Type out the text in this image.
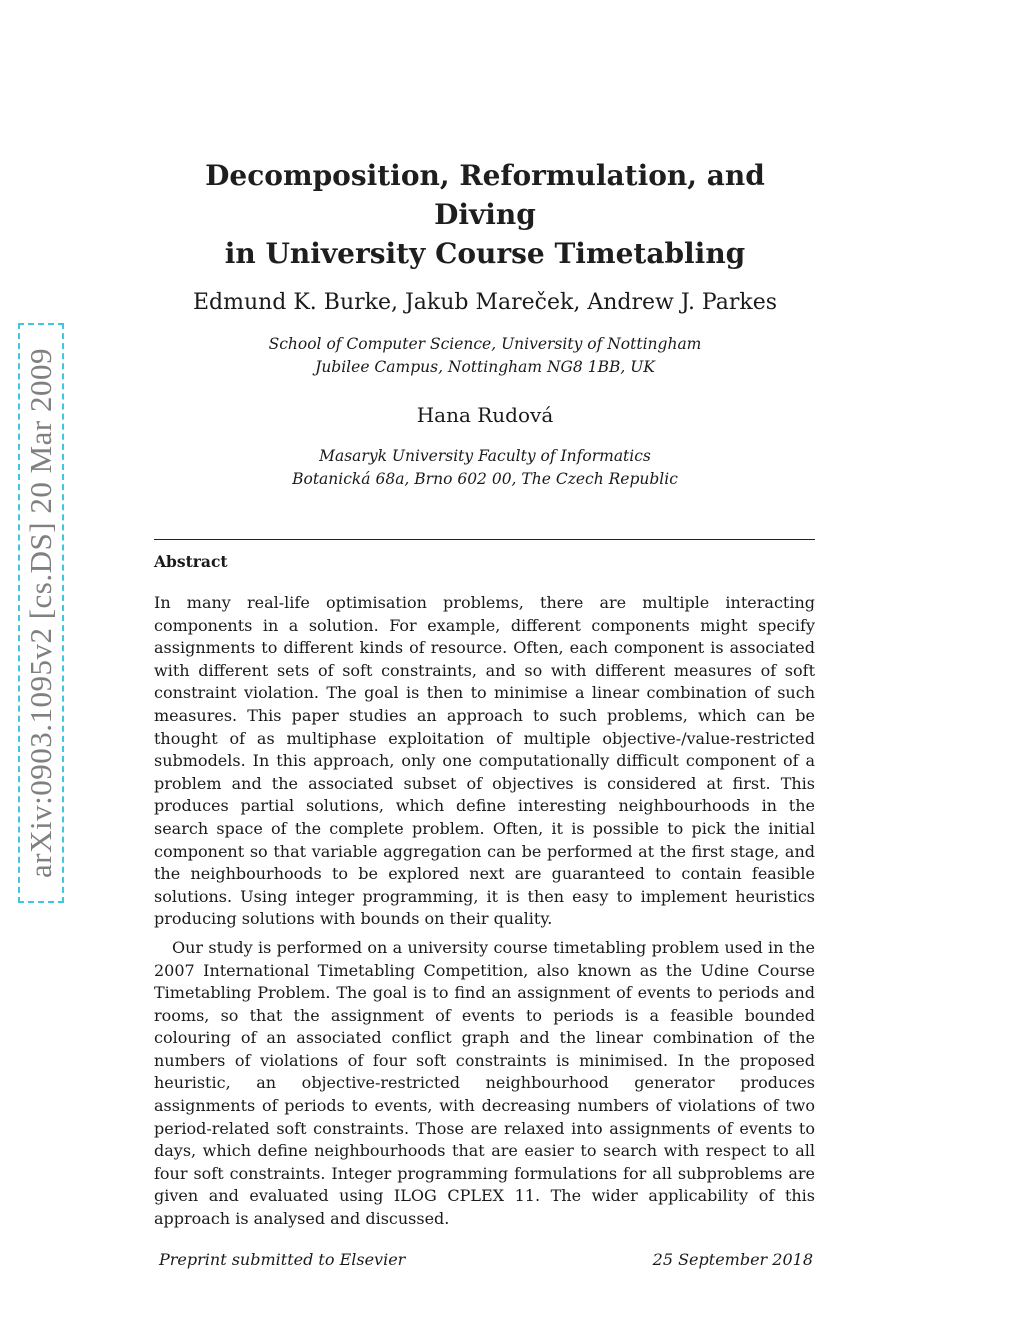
arXiv:0903.1095v2 [cs.DS] 20 Mar 2009
Decomposition, Reformulation, and Diving
in University Course Timetabling
Edmund K. Burke, Jakub Mareček, Andrew J. Parkes
School of Computer Science, University of Nottingham
Jubilee Campus, Nottingham NG8 1BB, UK
Hana Rudová
Masaryk University Faculty of Informatics
Botanická 68a, Brno 602 00, The Czech Republic
Abstract

In many real-life optimisation problems, there are multiple interacting components in a solution. For example, different components might specify assignments to different kinds of resource. Often, each component is associated with different sets of soft constraints, and so with different measures of soft constraint violation. The goal is then to minimise a linear combination of such measures. This paper studies an approach to such problems, which can be thought of as multiphase exploitation of multiple objective-/value-restricted submodels. In this approach, only one computationally difficult component of a problem and the associated subset of objectives is considered at first. This produces partial solutions, which define interesting neighbourhoods in the search space of the complete problem. Often, it is possible to pick the initial component so that variable aggregation can be performed at the first stage, and the neighbourhoods to be explored next are guaranteed to contain feasible solutions. Using integer programming, it is then easy to implement heuristics producing solutions with bounds on their quality.

Our study is performed on a university course timetabling problem used in the 2007 International Timetabling Competition, also known as the Udine Course Timetabling Problem. The goal is to find an assignment of events to periods and rooms, so that the assignment of events to periods is a feasible bounded colouring of an associated conflict graph and the linear combination of the numbers of violations of four soft constraints is minimised. In the proposed heuristic, an objective-restricted neighbourhood generator produces assignments of periods to events, with decreasing numbers of violations of two period-related soft constraints. Those are relaxed into assignments of events to days, which define neighbourhoods that are easier to search with respect to all four soft constraints. Integer programming formulations for all subproblems are given and evaluated using ILOG CPLEX 11. The wider applicability of this approach is analysed and discussed.

Preprint submitted to Elsevier	25 September 2018
